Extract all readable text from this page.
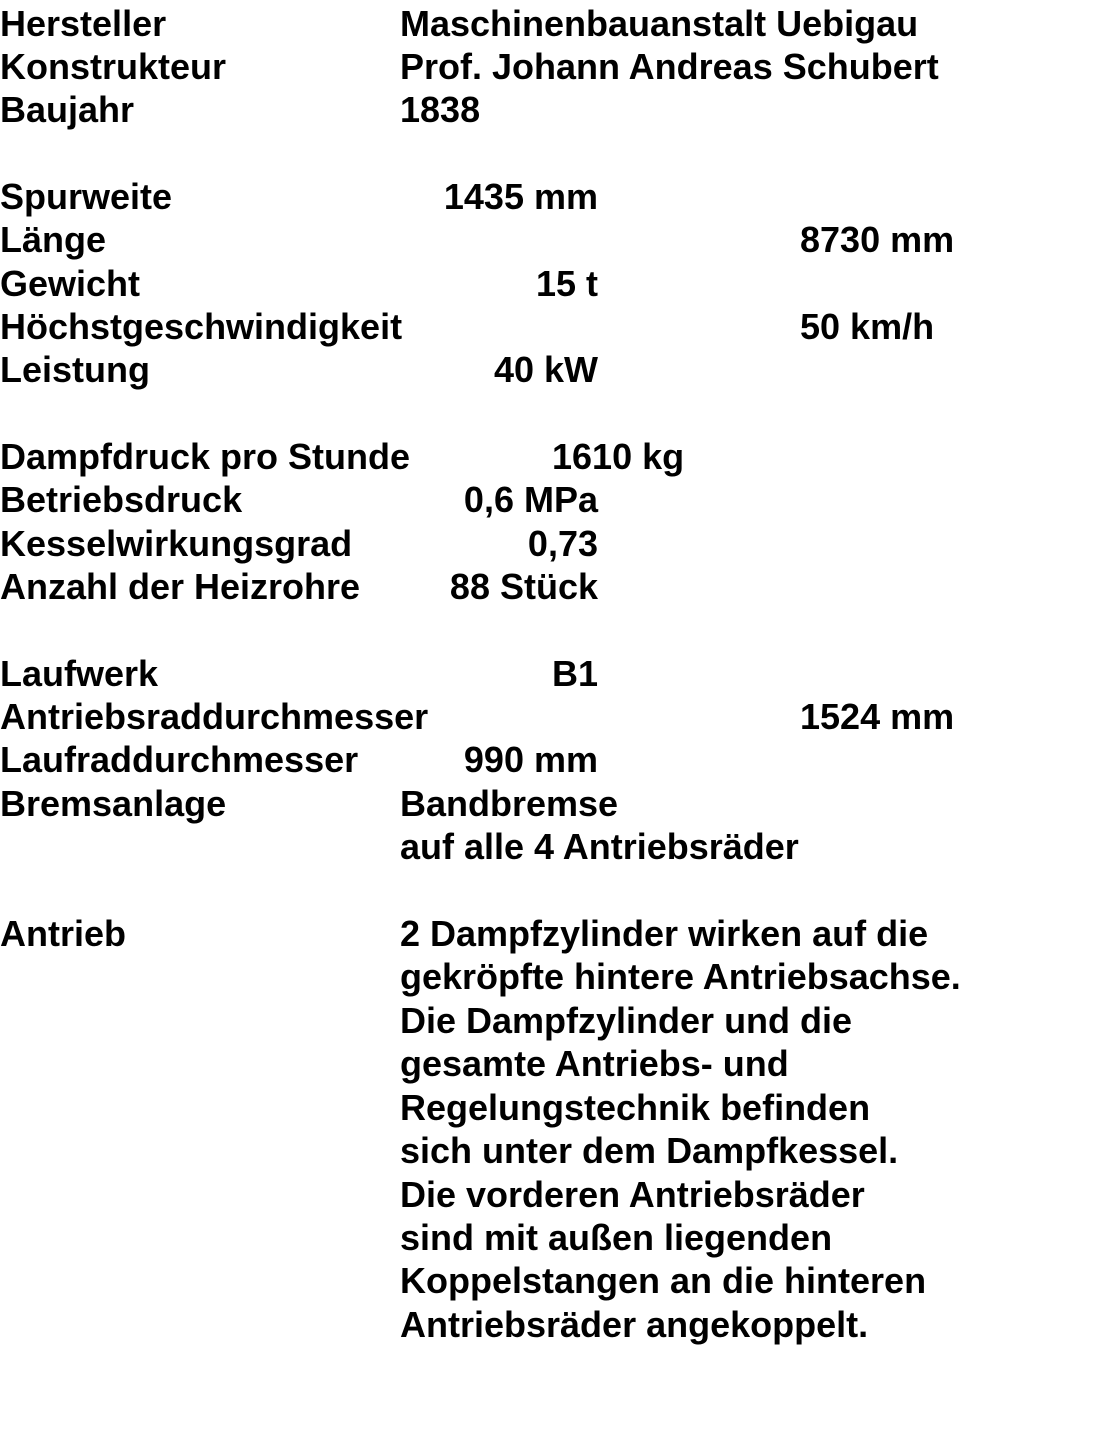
Hersteller	Maschinenbauanstalt Uebigau
Konstrukteur	Prof. Johann Andreas Schubert
Baujahr	1838
Spurweite	1435 mm
Länge	8730 mm
Gewicht	15 t
Höchstgeschwindigkeit	50 km/h
Leistung	40 kW
Dampfdruck pro Stunde	1610 kg
Betriebsdruck	0,6 MPa
Kesselwirkungsgrad	0,73
Anzahl der Heizrohre 88 Stück
Laufwerk	B1
Antriebsraddurchmesser	1524 mm
Laufraddurchmesser	990 mm
Bremsanlage	Bandbremse
auf alle 4 Antriebsräder
Antrieb	2 Dampfzylinder wirken auf die
gekröpfte hintere Antriebsachse.
Die Dampfzylinder und die
gesamte Antriebs- und
Regelungstechnik befinden
sich unter dem Dampfkessel.
Die vorderen Antriebsräder
sind mit außen liegenden
Koppelstangen an die hinteren
Antriebsräder angekoppelt.
